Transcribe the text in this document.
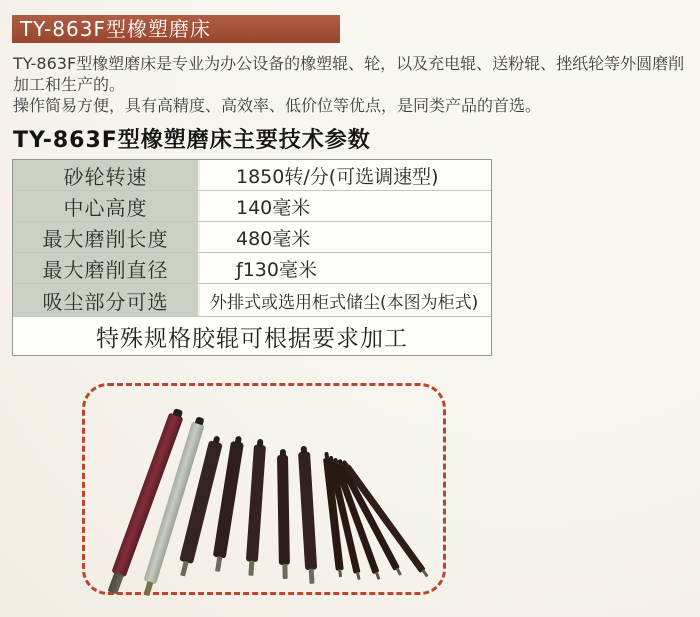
TY-863F型橡塑磨床

TY-863F型橡塑磨床是专业为办公设备的橡塑辊、轮，以及充电辊、送粉辊、挫纸轮等外圆磨削加工和生产的。

操作简易方便，具有高精度、高效率、低价位等优点，是同类产品的首选。

TY-863F型橡塑磨床主要技术参数
砂轮转速	1850转/分(可选调速型)
中心高度	140毫米
最大磨削长度	480毫米
最大磨削直径	ƒ130毫米
吸尘部分可选	外排式或选用柜式储尘(本图为柜式)
特殊规格胶辊可根据要求加工
